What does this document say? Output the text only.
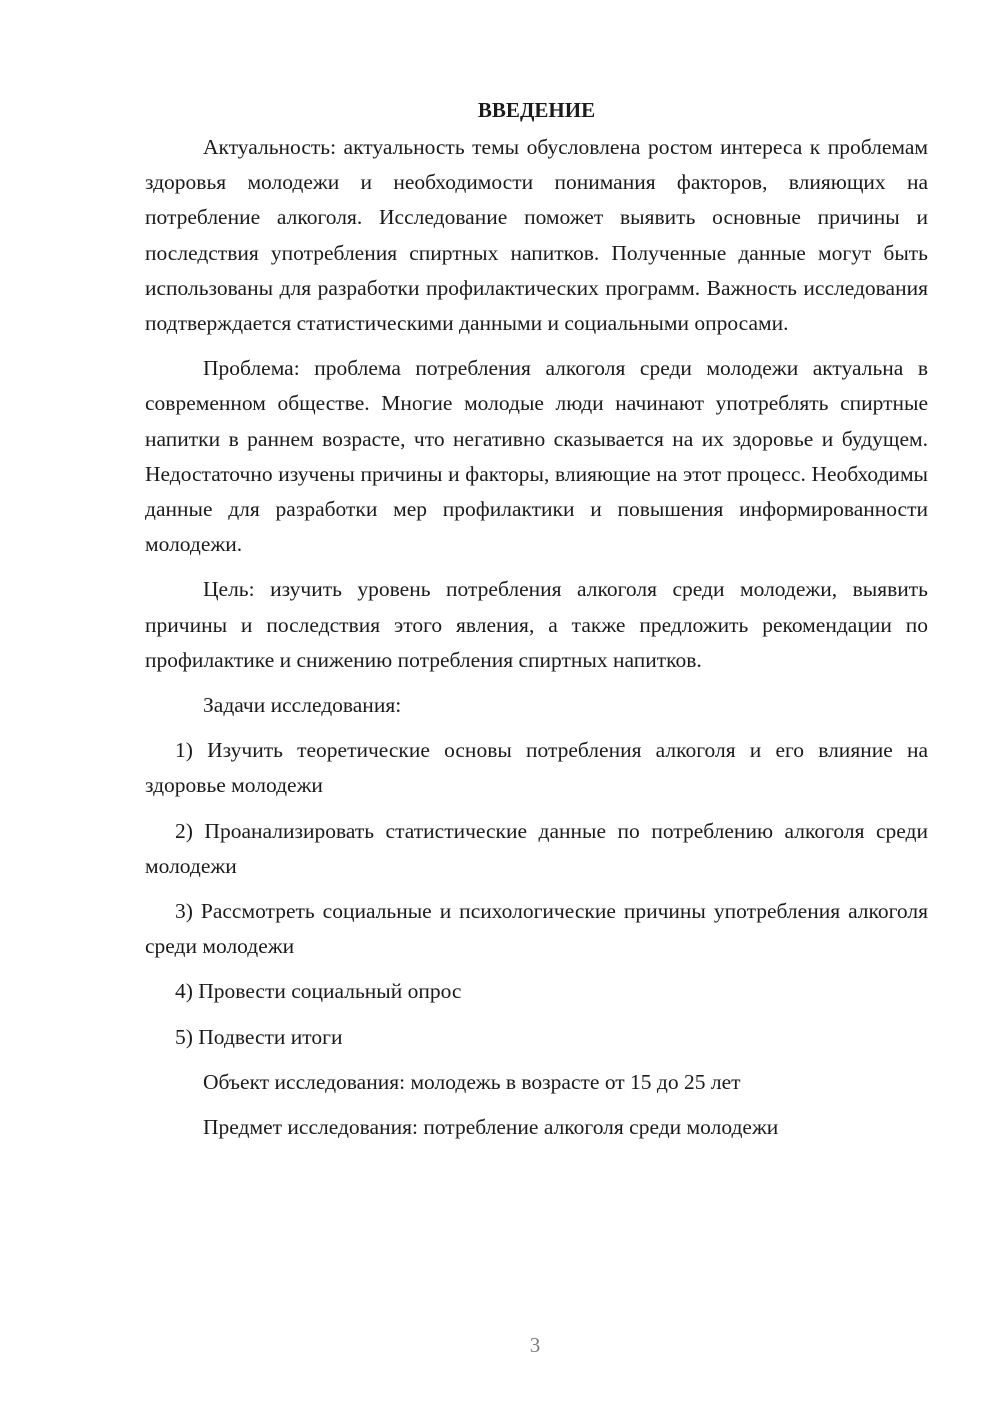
ВВЕДЕНИЕ

Актуальность: актуальность темы обусловлена ростом интереса к проблемам здоровья молодежи и необходимости понимания факторов, влияющих на потребление алкоголя. Исследование поможет выявить основные причины и последствия употребления спиртных напитков. Полученные данные могут быть использованы для разработки профилактических программ. Важность исследования подтверждается статистическими данными и социальными опросами.

Проблема: проблема потребления алкоголя среди молодежи актуальна в современном обществе. Многие молодые люди начинают употреблять спиртные напитки в раннем возрасте, что негативно сказывается на их здоровье и будущем. Недостаточно изучены причины и факторы, влияющие на этот процесс. Необходимы данные для разработки мер профилактики и повышения информированности молодежи.

Цель: изучить уровень потребления алкоголя среди молодежи, выявить причины и последствия этого явления, а также предложить рекомендации по профилактике и снижению потребления спиртных напитков.

Задачи исследования:

1) Изучить теоретические основы потребления алкоголя и его влияние на здоровье молодежи

2) Проанализировать статистические данные по потреблению алкоголя среди молодежи

3) Рассмотреть социальные и психологические причины употребления алкоголя среди молодежи

4) Провести социальный опрос

5) Подвести итоги

Объект исследования: молодежь в возрасте от 15 до 25 лет

Предмет исследования: потребление алкоголя среди молодежи

3
